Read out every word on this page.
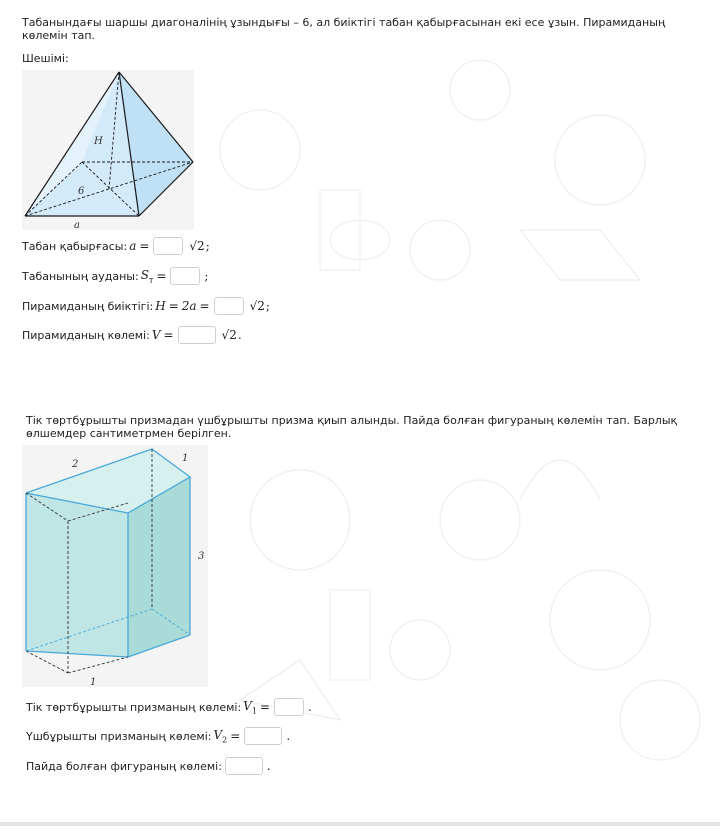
Табанындағы шаршы диагоналінің ұзындығы – 6, ал биіктігі табан қабырғасынан екі есе ұзын. Пирамиданың көлемін тап.
Шешімі:
H
6
a
Табан қабырғасы: a =	√2 ;
Табанының ауданы: $S_т$ =	;
Пирамиданың биіктігі: H = 2a =	√2 ;
Пирамиданың көлемі: V =	√2 .
Тік төртбұрышты призмадан үшбұрышты призма қиып алынды. Пайда болған фигураның көлемін тап. Барлық өлшемдер сантиметрмен берілген.
2
1
3
1
Тік төртбұрышты призманың көлемі: $V_1$ =	.
Үшбұрышты призманың көлемі: $V_2$ =	.
Пайда болған фигураның көлемі:	.
